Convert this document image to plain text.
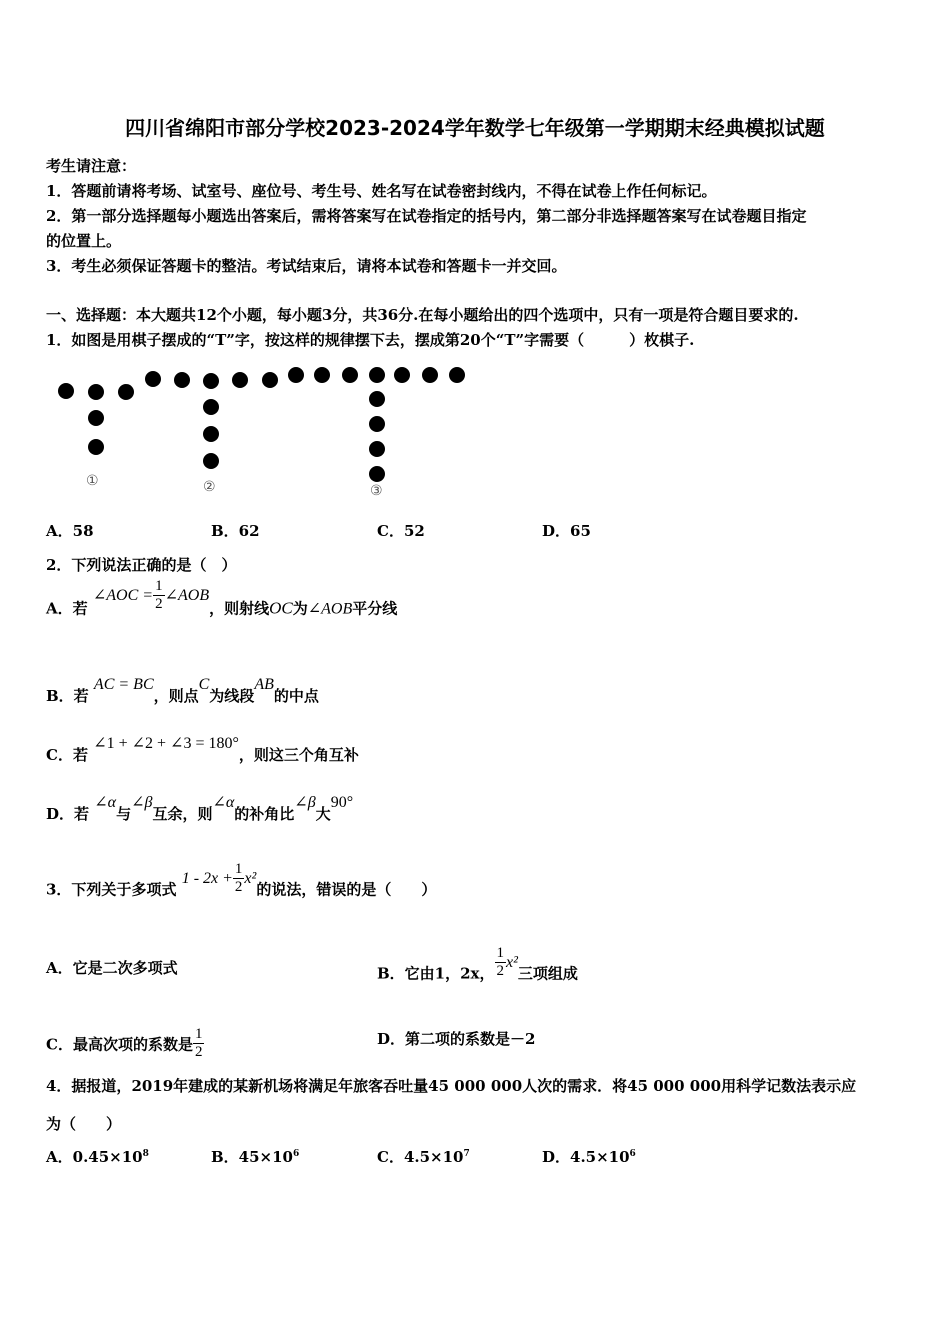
四川省绵阳市部分学校2023-2024学年数学七年级第一学期期末经典模拟试题
考生请注意：
1．答题前请将考场、试室号、座位号、考生号、姓名写在试卷密封线内，不得在试卷上作任何标记。
2．第一部分选择题每小题选出答案后，需将答案写在试卷指定的括号内，第二部分非选择题答案写在试卷题目指定
的位置上。
3．考生必须保证答题卡的整洁。考试结束后，请将本试卷和答题卡一并交回。
一、选择题：本大题共12个小题，每小题3分，共36分.在每小题给出的四个选项中，只有一项是符合题目要求的.
1．如图是用棋子摆成的“T”字，按这样的规律摆下去，摆成第20个“T”字需要（　　　）枚棋子.
①	②	③
A．58	B．62	C．52	D．65
2．下列说法正确的是（　）
A．若 ∠AOC = $\frac{1}{2}$ ∠AOB，则射线OC为∠AOB平分线
B．若 AC = BC，则点C为线段AB的中点
C．若 ∠1 + ∠2 + ∠3 = 180°，则这三个角互补
D．若 ∠α与∠β互余，则∠α的补角比∠β大90°
3．下列关于多项式 $1 - 2x + \frac{1}{2} x^2$的说法，错误的是（　　）
A．它是二次多项式	B．它由1，2x， $\frac{1}{2} x^2$三项组成
C．最高次项的系数是 $\frac{1}{2}$	D．第二项的系数是－2
4．据报道，2019年建成的某新机场将满足年旅客吞吐量45 000 000人次的需求．将45 000 000用科学记数法表示应
为（　　）
A．$0.45\times 10^8$	B．$45\times 10^6$	C．$4.5\times 10^7$	D．$4.5\times 10^6$
